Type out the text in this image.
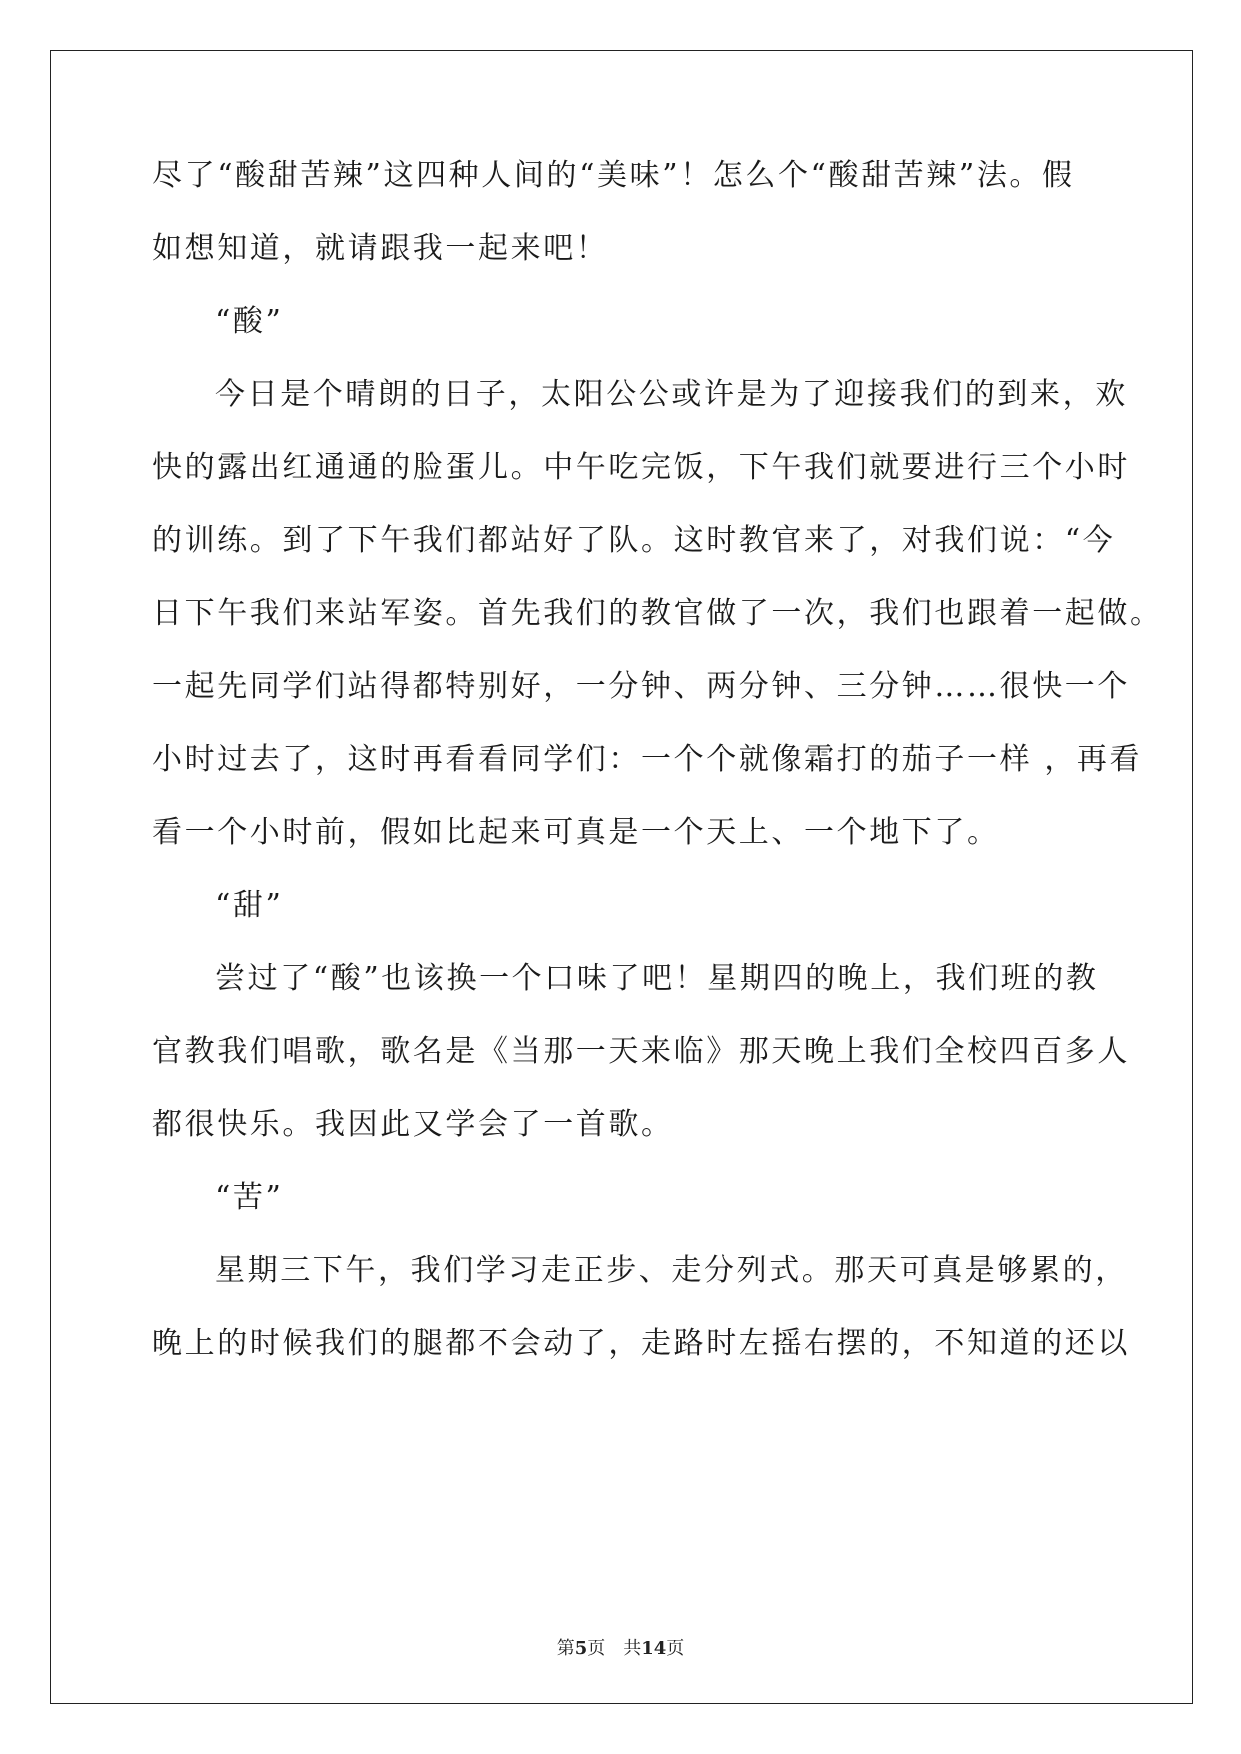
尽了“酸甜苦辣”这四种人间的“美味”！怎么个“酸甜苦辣”法。假
如想知道，就请跟我一起来吧！
“酸”
今日是个晴朗的日子，太阳公公或许是为了迎接我们的到来，欢
快的露出红通通的脸蛋儿。中午吃完饭，下午我们就要进行三个小时
的训练。到了下午我们都站好了队。这时教官来了，对我们说：“今
日下午我们来站军姿。首先我们的教官做了一次，我们也跟着一起做。
一起先同学们站得都特别好，一分钟、两分钟、三分钟……很快一个
小时过去了，这时再看看同学们：一个个就像霜打的茄子一样 ，再看
看一个小时前，假如比起来可真是一个天上、一个地下了。
“甜”
尝过了“酸”也该换一个口味了吧！星期四的晚上，我们班的教
官教我们唱歌，歌名是《当那一天来临》那天晚上我们全校四百多人
都很快乐。我因此又学会了一首歌。
“苦”
星期三下午，我们学习走正步、走分列式。那天可真是够累的，
晚上的时候我们的腿都不会动了，走路时左摇右摆的，不知道的还以
第5页　共14页
